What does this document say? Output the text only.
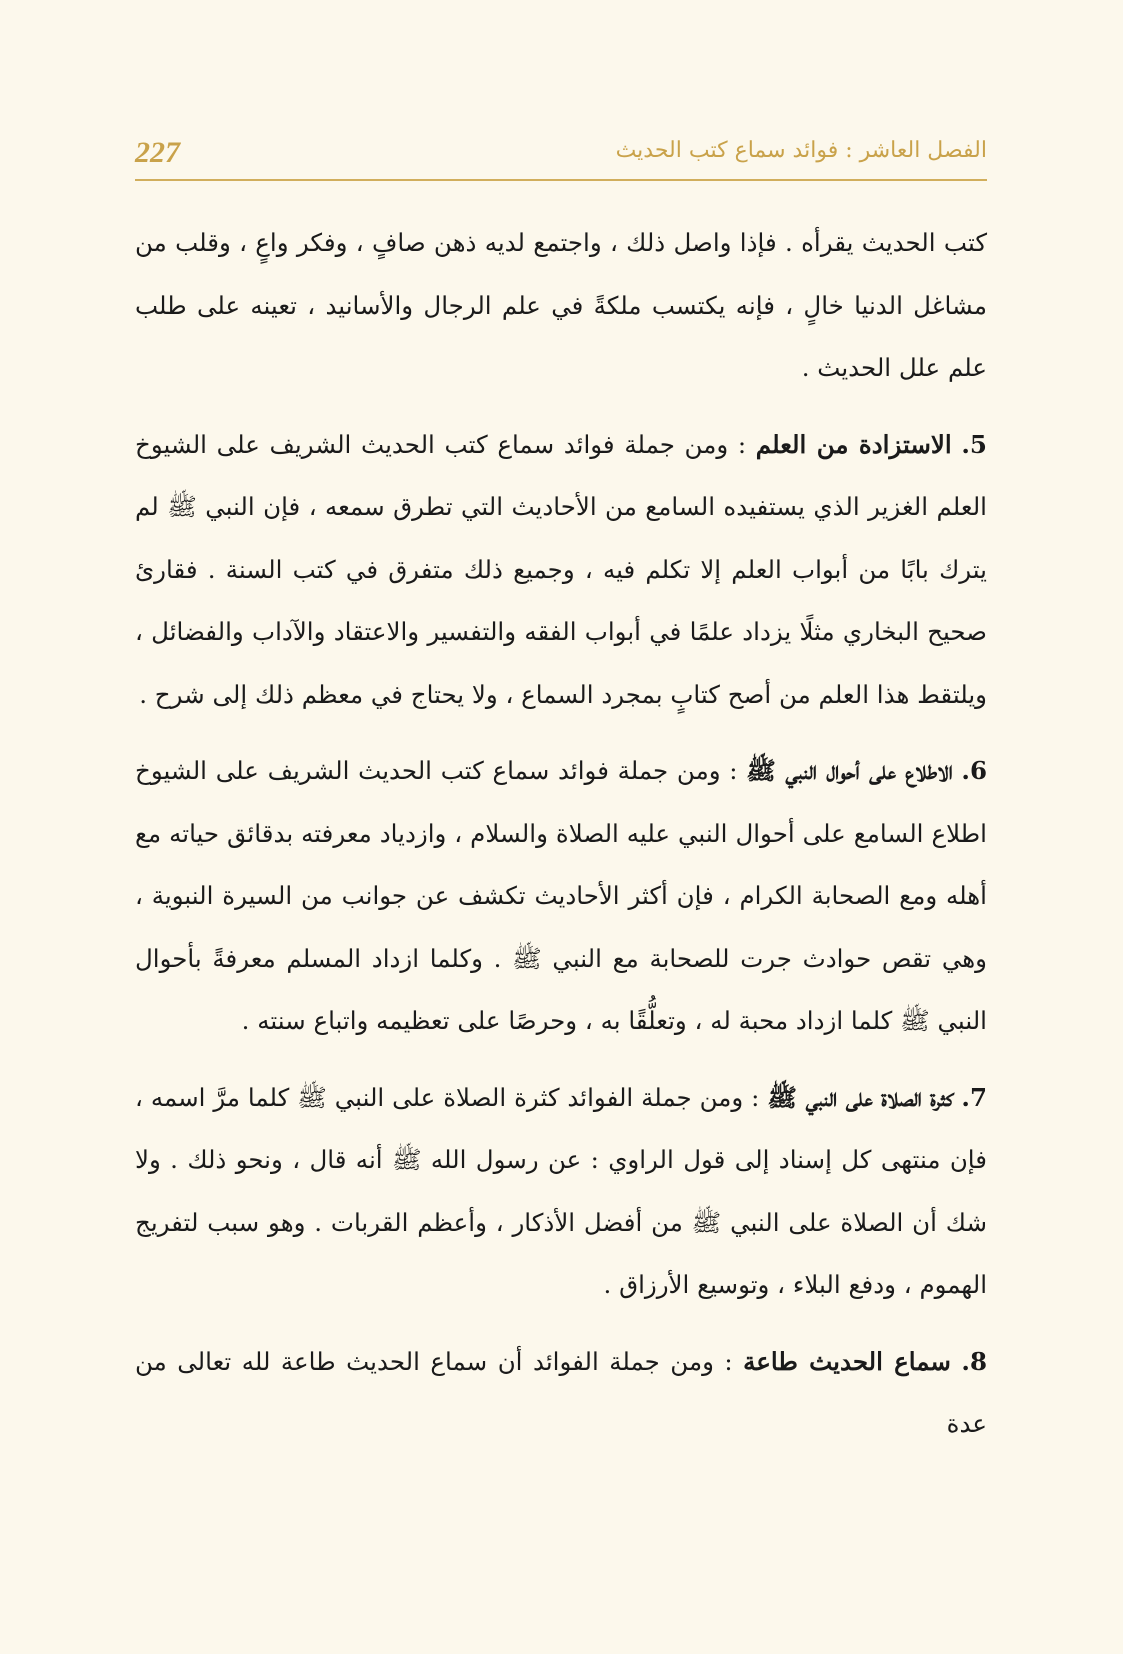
227	الفصل العاشر : فوائد سماع كتب الحديث

كتب الحديث يقرأه . فإذا واصل ذلك ، واجتمع لديه ذهن صافٍ ، وفكر واعٍ ، وقلب من مشاغل الدنيا خالٍ ، فإنه يكتسب ملكةً في علم الرجال والأسانيد ، تعينه على طلب علم علل الحديث .

5. الاستزادة من العلم : ومن جملة فوائد سماع كتب الحديث الشريف على الشيوخ العلم الغزير الذي يستفيده السامع من الأحاديث التي تطرق سمعه ، فإن النبي ﷺ لم يترك بابًا من أبواب العلم إلا تكلم فيه ، وجميع ذلك متفرق في كتب السنة . فقارئ صحيح البخاري مثلًا يزداد علمًا في أبواب الفقه والتفسير والاعتقاد والآداب والفضائل ، ويلتقط هذا العلم من أصح كتابٍ بمجرد السماع ، ولا يحتاج في معظم ذلك إلى شرح .

6. الاطلاع على أحوال النبي ﷺ : ومن جملة فوائد سماع كتب الحديث الشريف على الشيوخ اطلاع السامع على أحوال النبي عليه الصلاة والسلام ، وازدياد معرفته بدقائق حياته مع أهله ومع الصحابة الكرام ، فإن أكثر الأحاديث تكشف عن جوانب من السيرة النبوية ، وهي تقص حوادث جرت للصحابة مع النبي ﷺ . وكلما ازداد المسلم معرفةً بأحوال النبي ﷺ كلما ازداد محبة له ، وتعلُّقًا به ، وحرصًا على تعظيمه واتباع سنته .

7. كثرة الصلاة على النبي ﷺ : ومن جملة الفوائد كثرة الصلاة على النبي ﷺ كلما مرَّ اسمه ، فإن منتهى كل إسناد إلى قول الراوي : عن رسول الله ﷺ أنه قال ، ونحو ذلك . ولا شك أن الصلاة على النبي ﷺ من أفضل الأذكار ، وأعظم القربات . وهو سبب لتفريج الهموم ، ودفع البلاء ، وتوسيع الأرزاق .

8. سماع الحديث طاعة : ومن جملة الفوائد أن سماع الحديث طاعة لله تعالى من عدة
